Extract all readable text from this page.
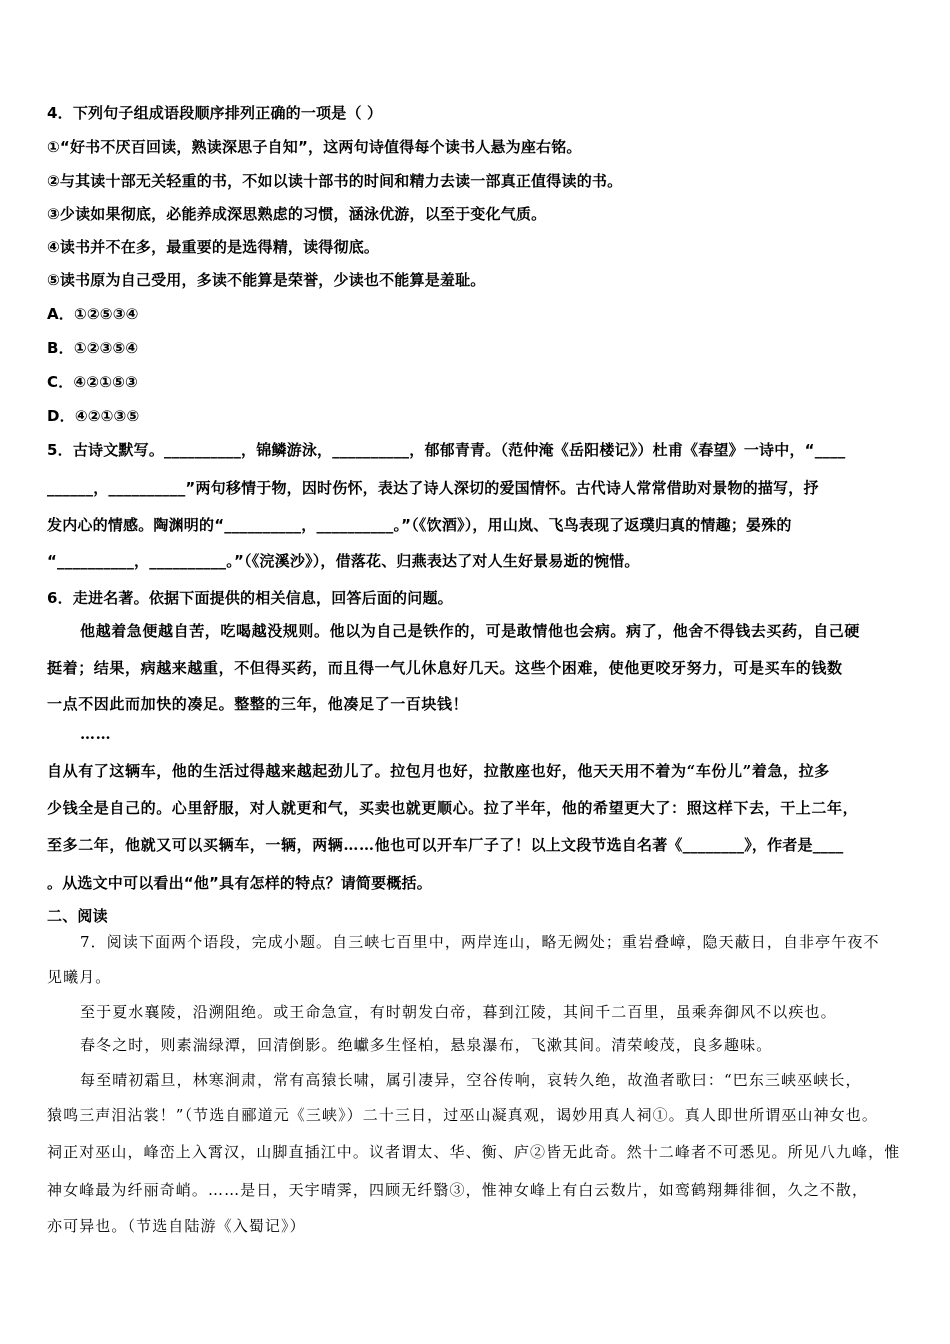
4．下列句子组成语段顺序排列正确的一项是（ ）
①“好书不厌百回读，熟读深思子自知”，这两句诗值得每个读书人悬为座右铭。
②与其读十部无关轻重的书，不如以读十部书的时间和精力去读一部真正值得读的书。
③少读如果彻底，必能养成深思熟虑的习惯，涵泳优游，以至于变化气质。
④读书并不在多，最重要的是选得精，读得彻底。
⑤读书原为自己受用，多读不能算是荣誉，少读也不能算是羞耻。
A．①②⑤③④
B．①②③⑤④
C．④②①⑤③
D．④②①③⑤
5．古诗文默写。__________，锦鳞游泳，__________，郁郁青青。（范仲淹《岳阳楼记》）杜甫《春望》一诗中，“____
______，__________”两句移情于物，因时伤怀，表达了诗人深切的爱国情怀。古代诗人常常借助对景物的描写，抒
发内心的情感。陶渊明的“__________，__________。”（《饮酒》），用山岚、飞鸟表现了返璞归真的情趣；晏殊的
“__________，__________。”（《浣溪沙》），借落花、归燕表达了对人生好景易逝的惋惜。
6．走进名著。依据下面提供的相关信息，回答后面的问题。
他越着急便越自苦，吃喝越没规则。他以为自己是铁作的，可是敢情他也会病。病了，他舍不得钱去买药，自己硬
挺着；结果，病越来越重，不但得买药，而且得一气儿休息好几天。这些个困难，使他更咬牙努力，可是买车的钱数
一点不因此而加快的凑足。整整的三年，他凑足了一百块钱！
……
自从有了这辆车，他的生活过得越来越起劲儿了。拉包月也好，拉散座也好，他天天用不着为“车份儿”着急，拉多
少钱全是自己的。心里舒服，对人就更和气，买卖也就更顺心。拉了半年，他的希望更大了：照这样下去，干上二年，
至多二年，他就又可以买辆车，一辆，两辆……他也可以开车厂子了！以上文段节选自名著《________》，作者是____
。从选文中可以看出“他”具有怎样的特点？请简要概括。
二、阅读
7．阅读下面两个语段，完成小题。自三峡七百里中，两岸连山，略无阙处；重岩叠嶂，隐天蔽日，自非亭午夜不
见曦月。
至于夏水襄陵，沿溯阻绝。或王命急宣，有时朝发白帝，暮到江陵，其间千二百里，虽乘奔御风不以疾也。
春冬之时，则素湍绿潭，回清倒影。绝巘多生怪柏，悬泉瀑布，飞漱其间。清荣峻茂，良多趣味。
每至晴初霜旦，林寒涧肃，常有高猿长啸，属引凄异，空谷传响，哀转久绝，故渔者歌曰：“巴东三峡巫峡长，
猿鸣三声泪沾裳！”（节选自郦道元《三峡》）二十三日，过巫山凝真观，谒妙用真人祠①。真人即世所谓巫山神女也。
祠正对巫山，峰峦上入霄汉，山脚直插江中。议者谓太、华、衡、庐②皆无此奇。然十二峰者不可悉见。所见八九峰，惟
神女峰最为纤丽奇峭。……是日，天宇晴霁，四顾无纤翳③，惟神女峰上有白云数片，如鸾鹤翔舞徘徊，久之不散，
亦可异也。（节选自陆游《入蜀记》）
